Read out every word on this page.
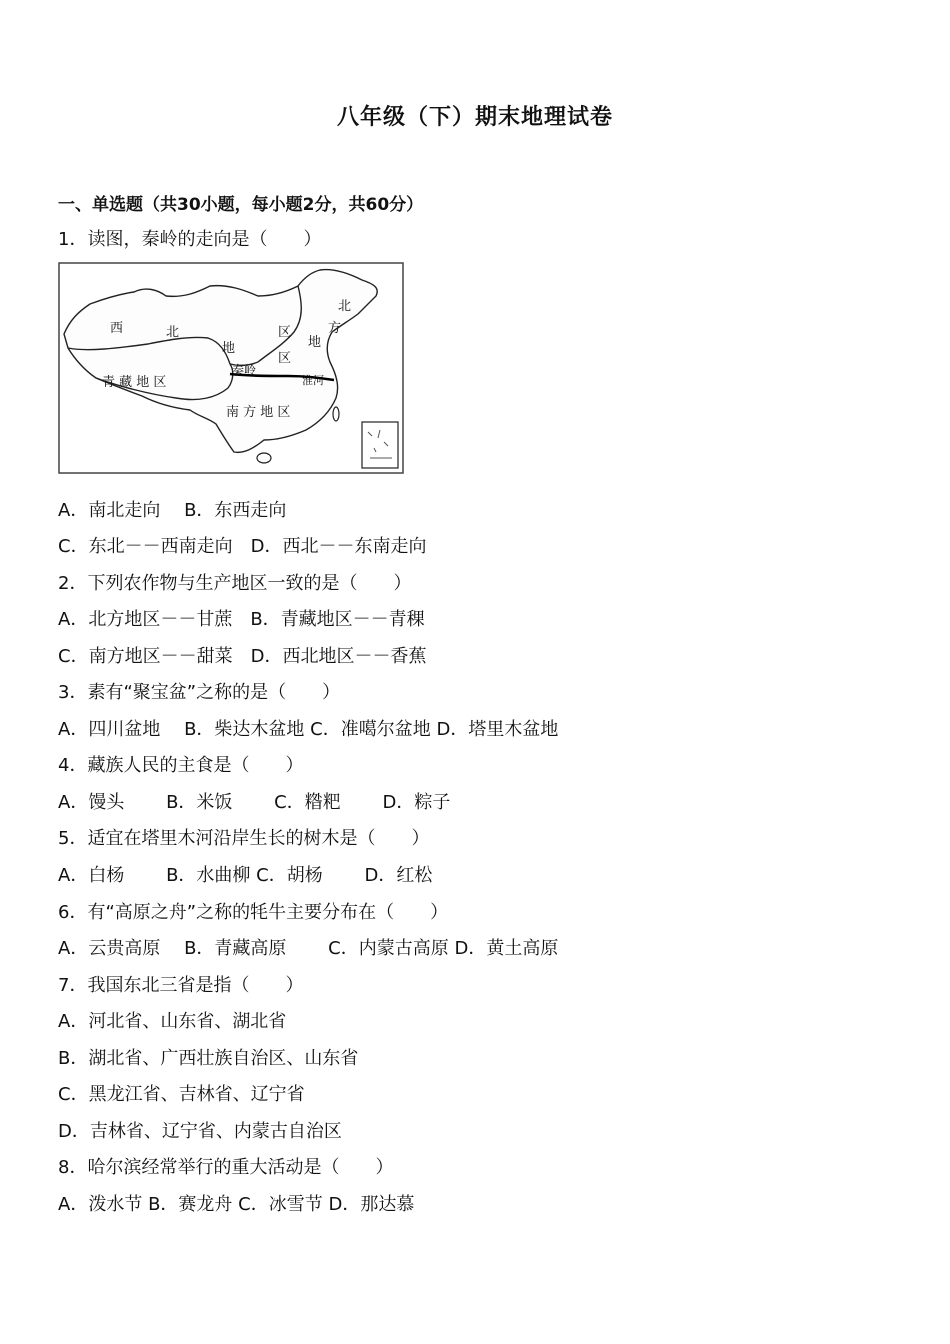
八年级（下）期末地理试卷
一、单选题（共30小题，每小题2分，共60分）
1．读图，秦岭的走向是（　　）
西	北
地
区
北
方
地
区
青 藏 地 区
秦岭
淮河
南 方 地 区
A．南北走向　 B．东西走向
C．东北－－西南走向　 D．西北－－东南走向
2．下列农作物与生产地区一致的是（　　）
A．北方地区－－甘蔗　 B．青藏地区－－青稞
C．南方地区－－甜菜　 D．西北地区－－香蕉
3．素有“聚宝盆”之称的是（　　）
A．四川盆地　 B．柴达木盆地 C．准噶尔盆地 D．塔里木盆地
4．藏族人民的主食是（　　）
A．馒头　 　 B．米饭　 　 C．糌粑　 　 D．粽子
5．适宜在塔里木河沿岸生长的树木是（　　）
A．白杨　 　 B．水曲柳 C．胡杨　 　 D．红松
6．有“高原之舟”之称的牦牛主要分布在（　　）
A．云贵高原　 B．青藏高原　 　 C．内蒙古高原 D．黄土高原
7．我国东北三省是指（　　）
A．河北省、山东省、湖北省
B．湖北省、广西壮族自治区、山东省
C．黑龙江省、吉林省、辽宁省
D．吉林省、辽宁省、内蒙古自治区
8．哈尔滨经常举行的重大活动是（　　）
A．泼水节 B．赛龙舟 C．冰雪节 D．那达慕
